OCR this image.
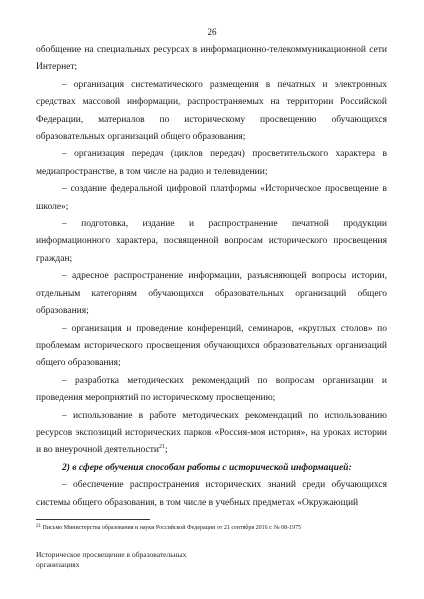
26

обобщение на специальных ресурсах в информационно-телекоммуникационной сети Интернет;

– организация систематического размещения в печатных и электронных средствах массовой информации, распространяемых на территории Российской Федерации, материалов по историческому просвещению обучающихся образовательных организаций общего образования;

– организация передач (циклов передач) просветительского характера в медиапространстве, в том числе на радио и телевидении;

– создание федеральной цифровой платформы «Историческое просвещение в школе»;

– подготовка, издание и распространение печатной продукции информационного характера, посвященной вопросам исторического просвещения граждан;

– адресное распространение информации, разъясняющей вопросы истории, отдельным категориям обучающихся образовательных организаций общего образования;

– организация и проведение конференций, семинаров, «круглых столов» по проблемам исторического просвещения обучающихся образовательных организаций общего образования;

– разработка методических рекомендаций по вопросам организации и проведения мероприятий по историческому просвещению;

– использование в работе методических рекомендаций по использованию ресурсов экспозиций исторических парков «Россия-моя история», на уроках истории и во внеурочной деятельности$^{21}$;

2) в сфере обучения способам работы с исторической информацией:

– обеспечение распространения исторических знаний среди обучающихся системы общего образования, в том числе в учебных предметах «Окружающий

$^{21}$ Письмо Министерства образования и науки Российской Федерации от 21 сентября 2016 г. № 08-1975
Историческое просвещение в образовательных
организациях
